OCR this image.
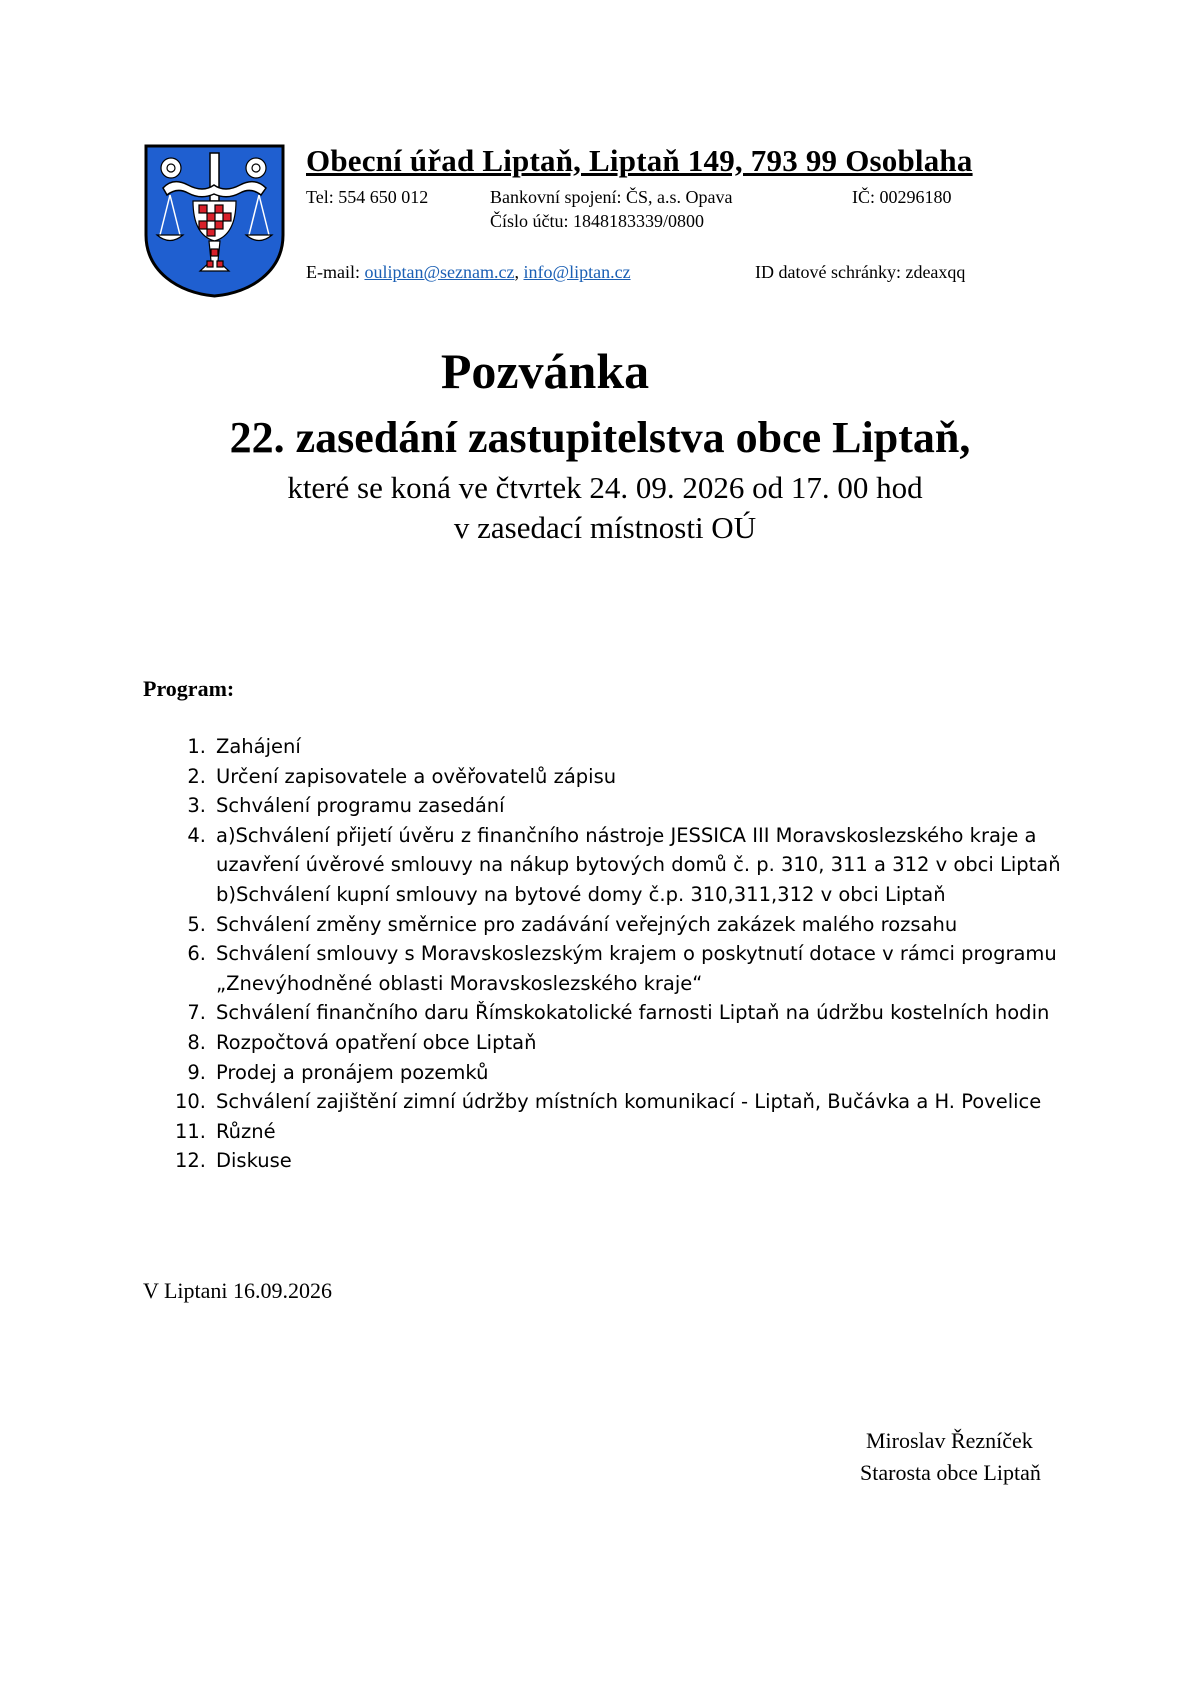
Obecní úřad Liptaň, Liptaň 149, 793 99 Osoblaha
Tel: 554 650 012	Bankovní spojení: ČS, a.s. Opava	IČ: 00296180
Číslo účtu: 1848183339/0800
E-mail: ouliptan@seznam.cz, info@liptan.cz	ID datové schránky: zdeaxqq
Pozvánka
22. zasedání zastupitelstva obce Liptaň,
které se koná ve čtvrtek 24. 09. 2026 od 17. 00 hod
v zasedací místnosti OÚ
Program:
1. Zahájení
2. Určení zapisovatele a ověřovatelů zápisu
3. Schválení programu zasedání
4. a)Schválení přijetí úvěru z finančního nástroje JESSICA III Moravskoslezského kraje a
uzavření úvěrové smlouvy na nákup bytových domů č. p. 310, 311 a 312 v obci Liptaň
b)Schválení kupní smlouvy na bytové domy č.p. 310,311,312 v obci Liptaň
5. Schválení změny směrnice pro zadávání veřejných zakázek malého rozsahu
6. Schválení smlouvy s Moravskoslezským krajem o poskytnutí dotace v rámci programu
„Znevýhodněné oblasti Moravskoslezského kraje“
7. Schválení finančního daru Římskokatolické farnosti Liptaň na údržbu kostelních hodin
8. Rozpočtová opatření obce Liptaň
9. Prodej a pronájem pozemků
10. Schválení zajištění zimní údržby místních komunikací - Liptaň, Bučávka a H. Povelice
11. Různé
12. Diskuse
V Liptani 16.09.2026
Miroslav Řezníček
Starosta obce Liptaň
